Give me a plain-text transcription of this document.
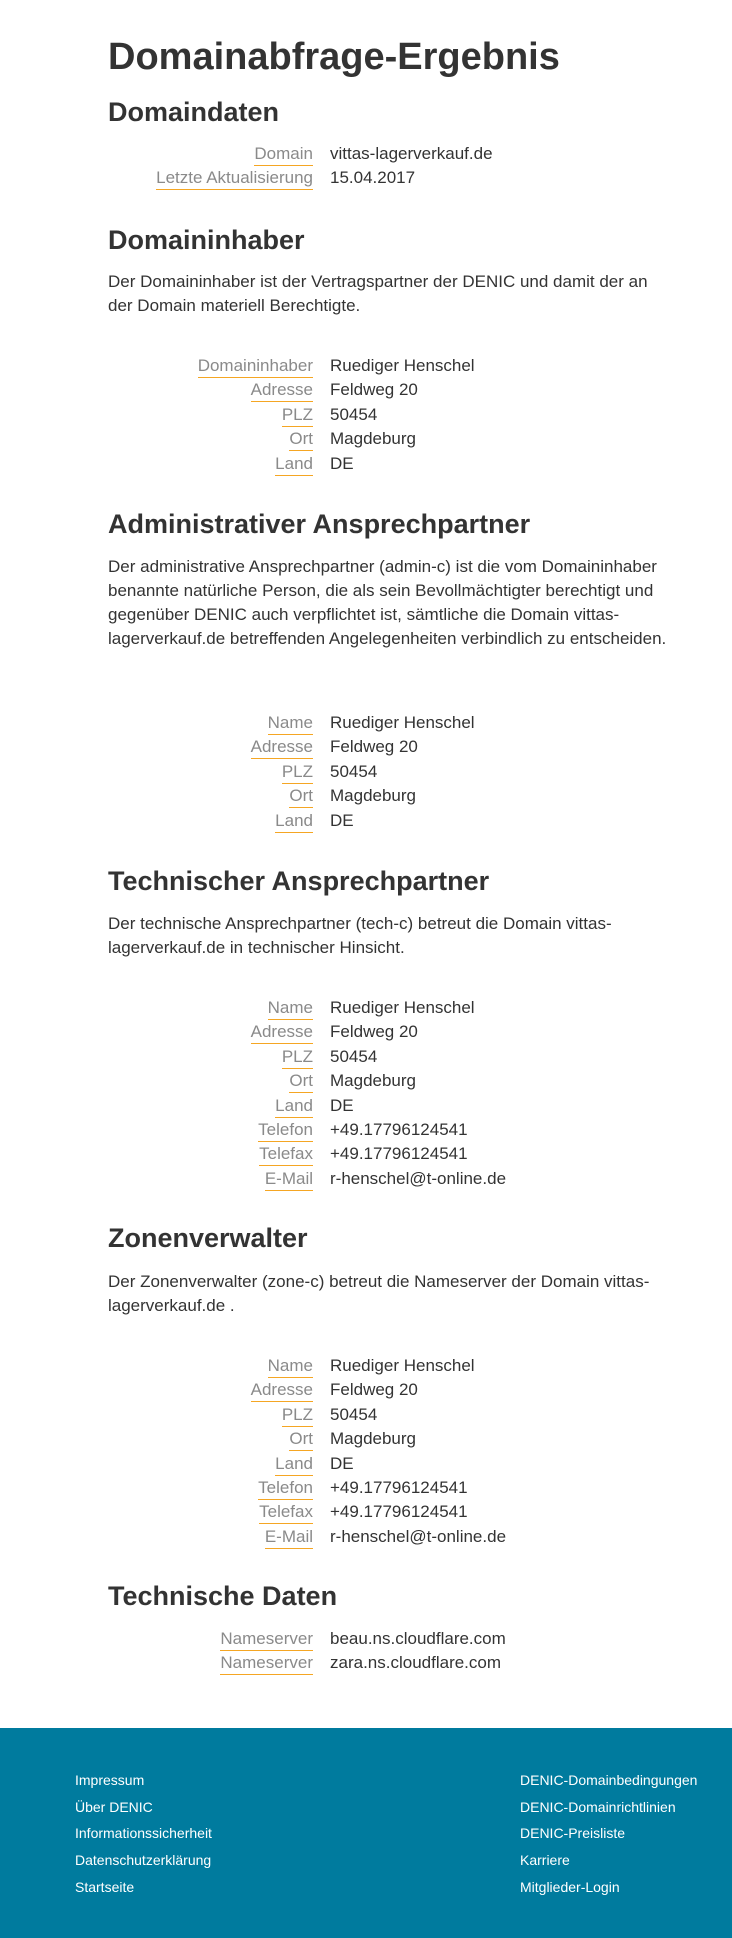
Domainabfrage-Ergebnis
Domaindaten
Domain vittas-lagerverkauf.de
Letzte Aktualisierung 15.04.2017
Domaininhaber

Der Domaininhaber ist der Vertragspartner der DENIC und damit der an der Domain materiell Berechtigte.

Domaininhaber Ruediger Henschel
Adresse Feldweg 20
PLZ 50454
Ort Magdeburg
Land DE
Administrativer Ansprechpartner

Der administrative Ansprechpartner (admin-c) ist die vom Domaininhaber benannte natürliche Person, die als sein Bevollmächtigter berechtigt und gegenüber DENIC auch verpflichtet ist, sämtliche die Domain vittas-lagerverkauf.de betreffenden Angelegenheiten verbindlich zu entscheiden.

Name Ruediger Henschel
Adresse Feldweg 20
PLZ 50454
Ort Magdeburg
Land DE
Technischer Ansprechpartner

Der technische Ansprechpartner (tech-c) betreut die Domain vittas-lagerverkauf.de in technischer Hinsicht.

Name Ruediger Henschel
Adresse Feldweg 20
PLZ 50454
Ort Magdeburg
Land DE
Telefon +49.17796124541
Telefax +49.17796124541
E-Mail r-henschel@t-online.de
Zonenverwalter

Der Zonenverwalter (zone-c) betreut die Nameserver der Domain vittas-lagerverkauf.de .

Name Ruediger Henschel
Adresse Feldweg 20
PLZ 50454
Ort Magdeburg
Land DE
Telefon +49.17796124541
Telefax +49.17796124541
E-Mail r-henschel@t-online.de
Technische Daten
Nameserver beau.ns.cloudflare.com
Nameserver zara.ns.cloudflare.com
Impressum
Über DENIC
Informationssicherheit
Datenschutzerklärung
Startseite
DENIC-Domainbedingungen
DENIC-Domainrichtlinien
DENIC-Preisliste
Karriere
Mitglieder-Login
